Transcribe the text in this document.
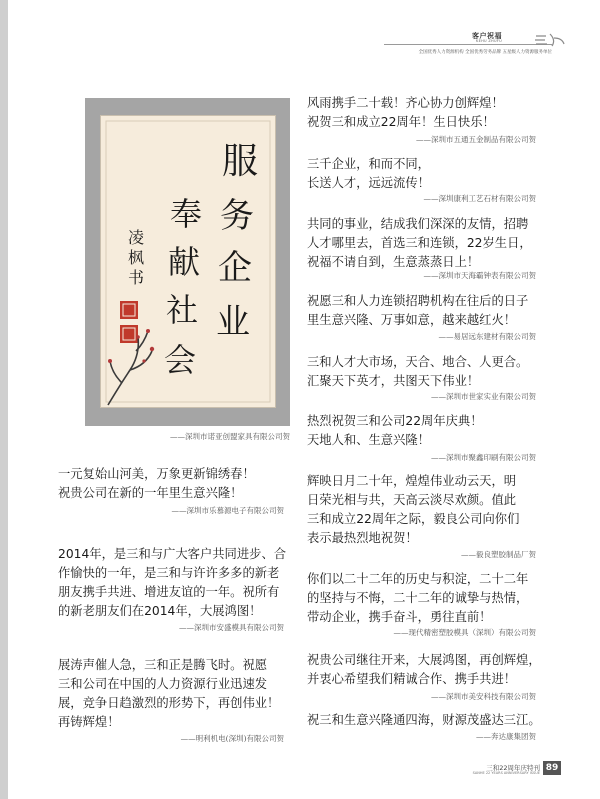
客户祝福
KEHU ZHUFU
全国优秀人力资源机构 全国优秀劳务品牌 五星级人力资源服务单位
服
务
企
业
奉
献
社
会
凌
枫
书
——深圳市诺亚创盟家具有限公司贺
一元复始山河美，万象更新锦绣春！
祝贵公司在新的一年里生意兴隆！
——深圳市乐慕源电子有限公司贺
2014年，是三和与广大客户共同进步、合
作愉快的一年，是三和与许许多多的新老
朋友携手共进、增进友谊的一年。祝所有
的新老朋友们在2014年，大展鸿图！
——深圳市安盛模具有限公司贺
展涛声催人急，三和正是腾飞时。祝愿
三和公司在中国的人力资源行业迅速发
展，竞争日趋激烈的形势下，再创伟业！
再铸辉煌！
——明利机电(深圳)有限公司贺
风雨携手二十载！齐心协力创辉煌！
祝贺三和成立22周年！生日快乐！
——深圳市五通五金制品有限公司贺
三千企业，和而不同，
长送人才，远远流传！
——深圳康利工艺石材有限公司贺
共同的事业，结成我们深深的友情，招聘
人才哪里去，首选三和连锁，22岁生日，
祝福不请自到，生意蒸蒸日上！
——深圳市天海霸钟表有限公司贺
祝愿三和人力连锁招聘机构在往后的日子
里生意兴隆、万事如意，越来越红火！
——易居远东建材有限公司贺
三和人才大市场，天合、地合、人更合。
汇聚天下英才，共图天下伟业！
——深圳市世家实业有限公司贺
热烈祝贺三和公司22周年庆典！
天地人和、生意兴隆！
——深圳市聚鑫印刷有限公司贺
辉映日月二十年，煌煌伟业动云天，明
日荣光相与共，天高云淡尽欢颜。值此
三和成立22周年之际，毅良公司向你们
表示最热烈地祝贺！
——毅良塑胶制品厂贺
你们以二十二年的历史与积淀，二十二年
的坚持与不悔，二十二年的诚挚与热情，
带动企业，携手奋斗，勇往直前！
——现代精密塑胶模具（深圳）有限公司贺
祝贵公司继往开来，大展鸿图，再创辉煌，
并衷心希望我们精诚合作、携手共进！
——深圳市美安科技有限公司贺
祝三和生意兴隆通四海，财源茂盛达三江。
——奔达康集团贺
三和22周年庆特刊
SANHE 22 YEARS ANNIVERSARY ISSUE 89
